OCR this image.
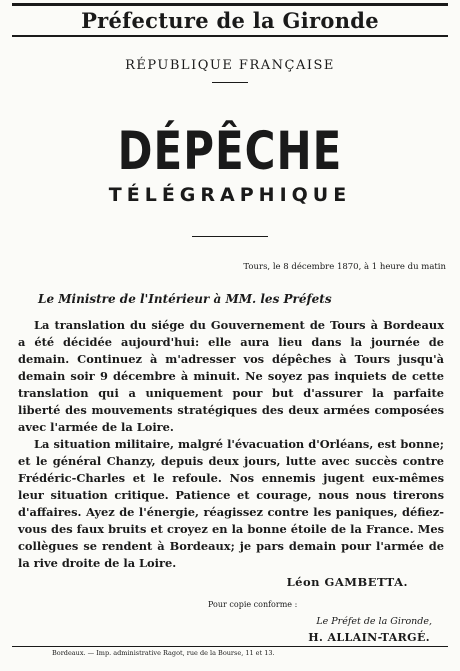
Préfecture de la Gironde
RÉPUBLIQUE FRANÇAISE
DÉPÊCHE
TÉLÉGRAPHIQUE
Tours, le 8 décembre 1870, à 1 heure du matin
Le Ministre de l'Intérieur à MM. les Préfets

La translation du siége du Gouvernement de Tours à Bordeaux a été décidée aujourd'hui: elle aura lieu dans la journée de demain. Continuez à m'adresser vos dépêches à Tours jusqu'à demain soir 9 décembre à minuit. Ne soyez pas inquiets de cette translation qui a uniquement pour but d'assurer la parfaite liberté des mouvements stratégiques des deux armées composées avec l'armée de la Loire.

La situation militaire, malgré l'évacuation d'Orléans, est bonne; et le général Chanzy, depuis deux jours, lutte avec succès contre Frédéric-Charles et le refoule. Nos ennemis jugent eux-mêmes leur situation critique. Patience et courage, nous nous tirerons d'affaires. Ayez de l'énergie, réagissez contre les paniques, défiez-vous des faux bruits et croyez en la bonne étoile de la France. Mes collègues se rendent à Bordeaux; je pars demain pour l'armée de la rive droite de la Loire.

Léon GAMBETTA.
Pour copie conforme :
Le Préfet de la Gironde,
H. ALLAIN-TARGÉ.
Bordeaux. — Imp. administrative Ragot, rue de la Bourse, 11 et 13.
